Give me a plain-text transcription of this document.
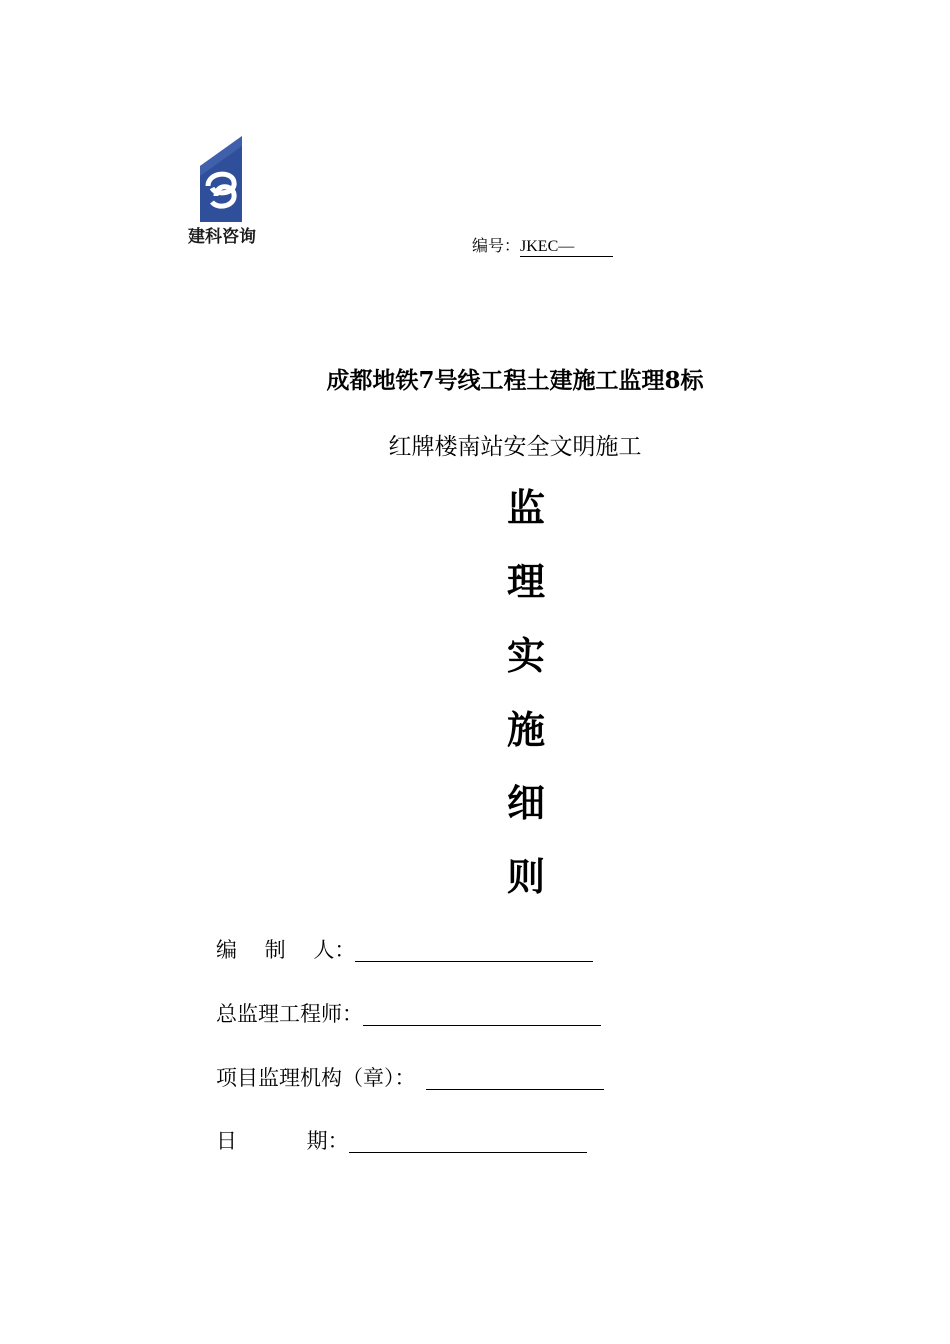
建科咨询	编号：JKEC—
成都地铁7号线工程土建施工监理8标
红牌楼南站安全文明施工
监
理
实
施
细
则
编　 制　 人：
总监理工程师：
项目监理机构（章）：
日　　　 期：
